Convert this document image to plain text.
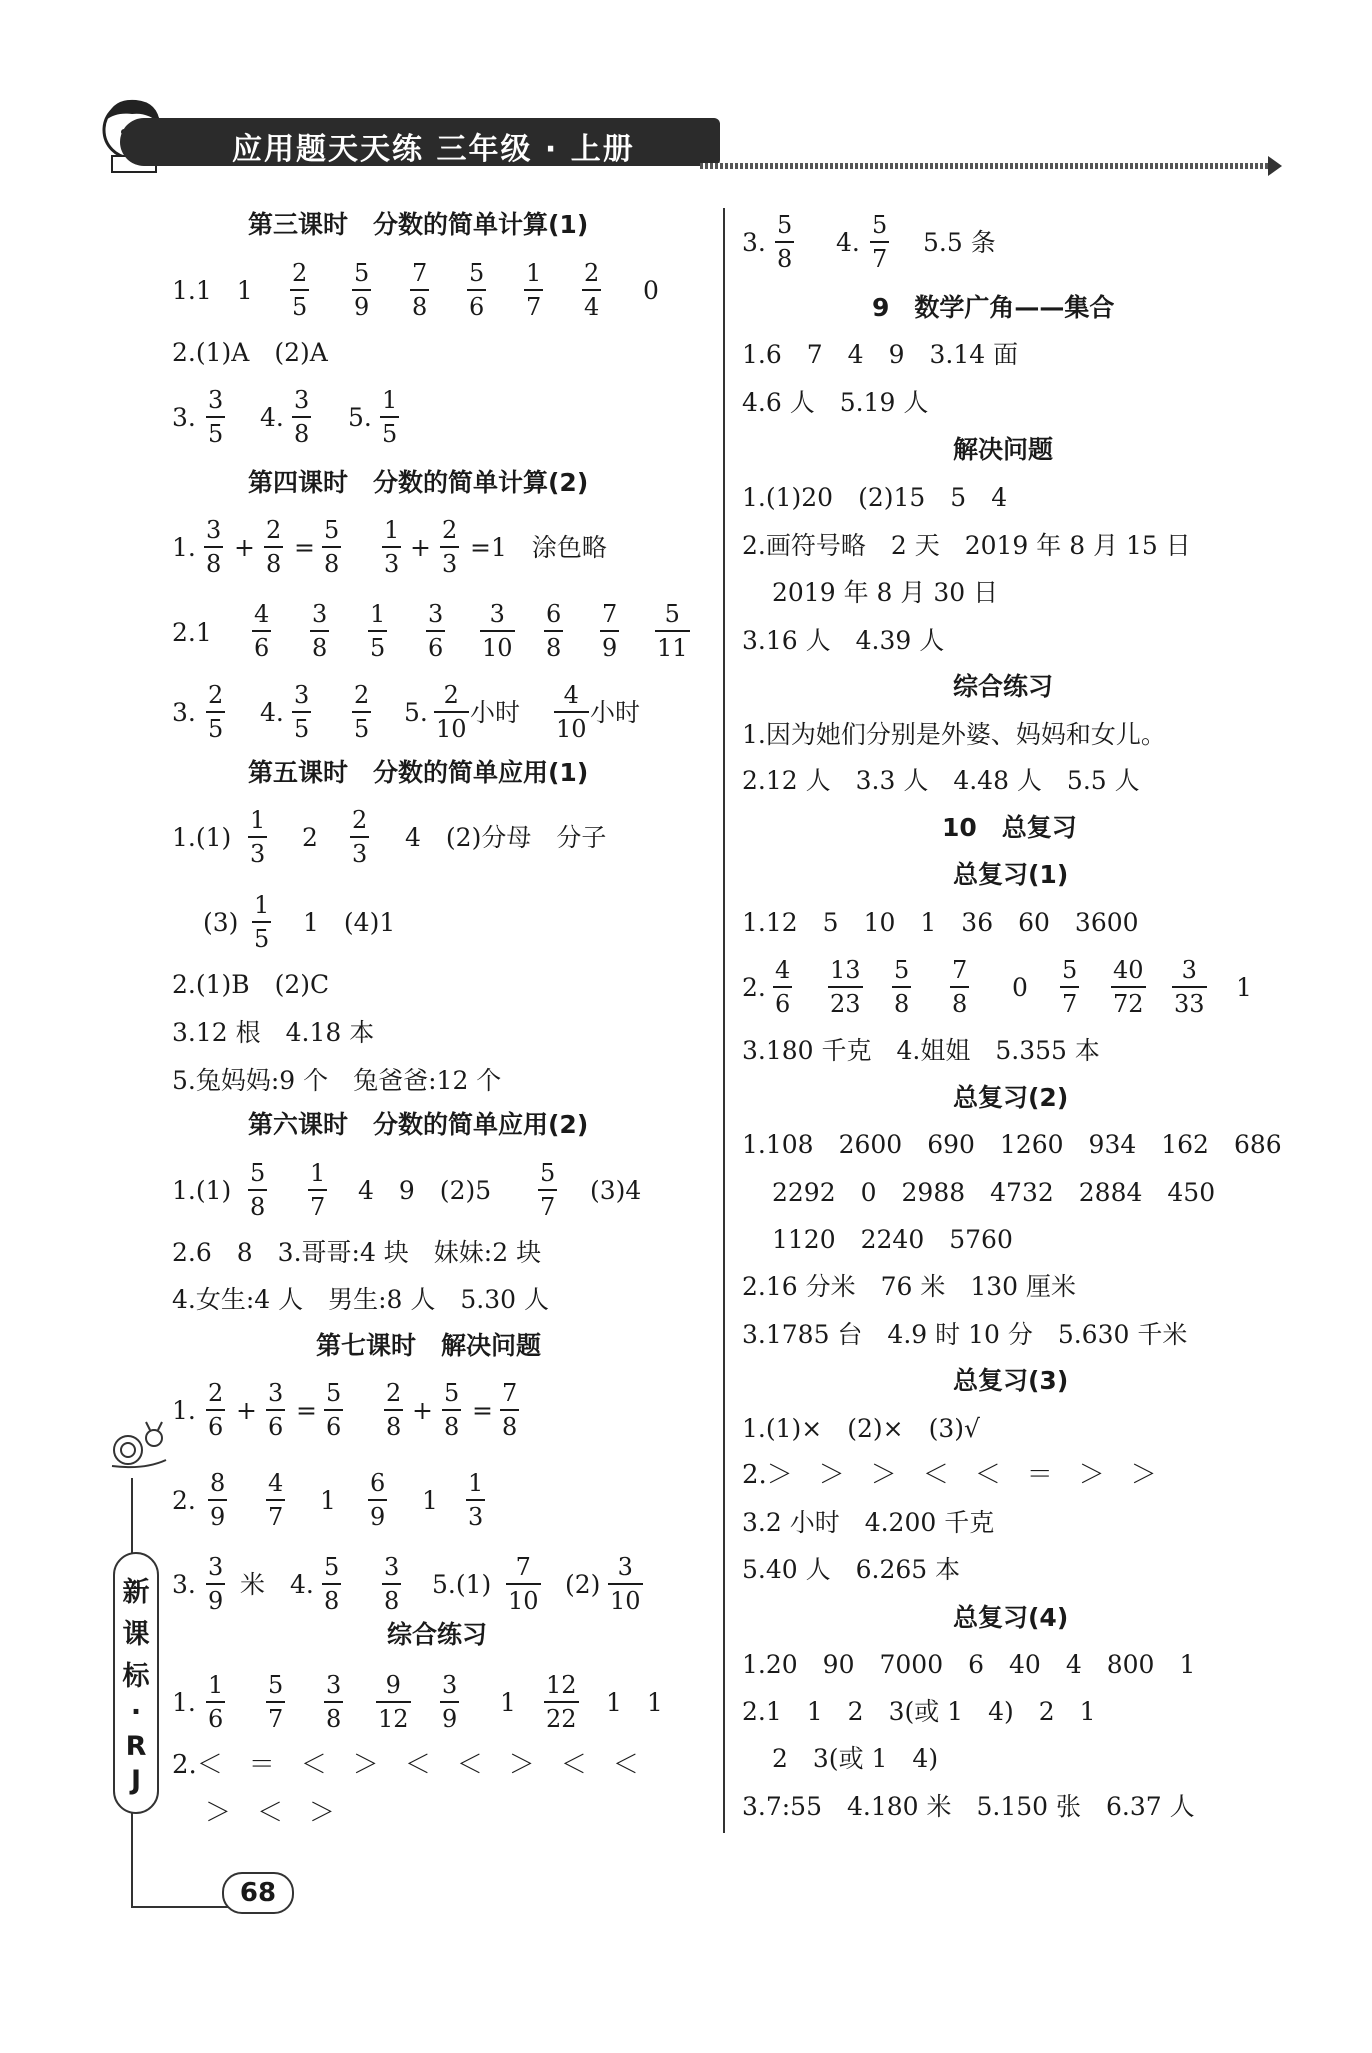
应用题天天练 三年级 · 上册
第三课时　分数的简单计算(1)
1.1　1
2
5
5
9
7
8
5
6
1
7
2
4
0
2.(1)A　(2)A
3.
3
5
4.
3
8
5.
1
5
第四课时　分数的简单计算(2)
1.
3
8
+
2
8
=
5
8
1
3
+
2
3
=1　涂色略
2.1
4
6
3
8
1
5
3
6
3
10
6
8
7
9
5
11
3.
2
5
4.
3
5
2
5
5.
2
10
小时
4
10
小时
第五课时　分数的简单应用(1)
1.(1)
1
3
2
2
3
4　(2)分母　分子
(3)
1
5
1　(4)1
2.(1)B　(2)C
3.12 根　4.18 本
5.兔妈妈:9 个　兔爸爸:12 个
第六课时　分数的简单应用(2)
1.(1)
5
8
1
7
4　9　(2)5
5
7
(3)4
2.6　8　3.哥哥:4 块　妹妹:2 块
4.女生:4 人　男生:8 人　5.30 人
第七课时　解决问题
1.
2
6
+
3
6
=
5
6
2
8
+
5
8
=
7
8
2.
8
9
4
7
1
6
9
1
1
3
3.
3
9
米　4.
5
8
3
8
5.(1)
7
10
(2)
3
10
综合练习
1.
1
6
5
7
3
8
9
12
3
9
1
12
22
1　1
2.＜　＝　＜　＞　＜　＜　＞　＜　＜
＞　＜　＞
3.
5
8
4.
5
7
5.5 条
9　数学广角——集合
1.6　7　4　9　3.14 面
4.6 人　5.19 人
解决问题
1.(1)20　(2)15　5　4
2.画符号略　2 天　2019 年 8 月 15 日
2019 年 8 月 30 日
3.16 人　4.39 人
综合练习
1.因为她们分别是外婆、妈妈和女儿。
2.12 人　3.3 人　4.48 人　5.5 人
10　总复习
总复习(1)
1.12　5　10　1　36　60　3600
2.
4
6
13
23
5
8
7
8
0
5
7
40
72
3
33
1
3.180 千克　4.姐姐　5.355 本
总复习(2)
1.108　2600　690　1260　934　162　686
2292　0　2988　4732　2884　450
1120　2240　5760
2.16 分米　76 米　130 厘米
3.1785 台　4.9 时 10 分　5.630 千米
总复习(3)
1.(1)×　(2)×　(3)√
2.＞　＞　＞　＜　＜　＝　＞　＞
3.2 小时　4.200 千克
5.40 人　6.265 本
总复习(4)
1.20　90　7000　6　40　4　800　1
2.1　1　2　3(或 1　4)　2　1
2　3(或 1　4)
3.7:55　4.180 米　5.150 张　6.37 人
新
课
标
·
R
J
68
